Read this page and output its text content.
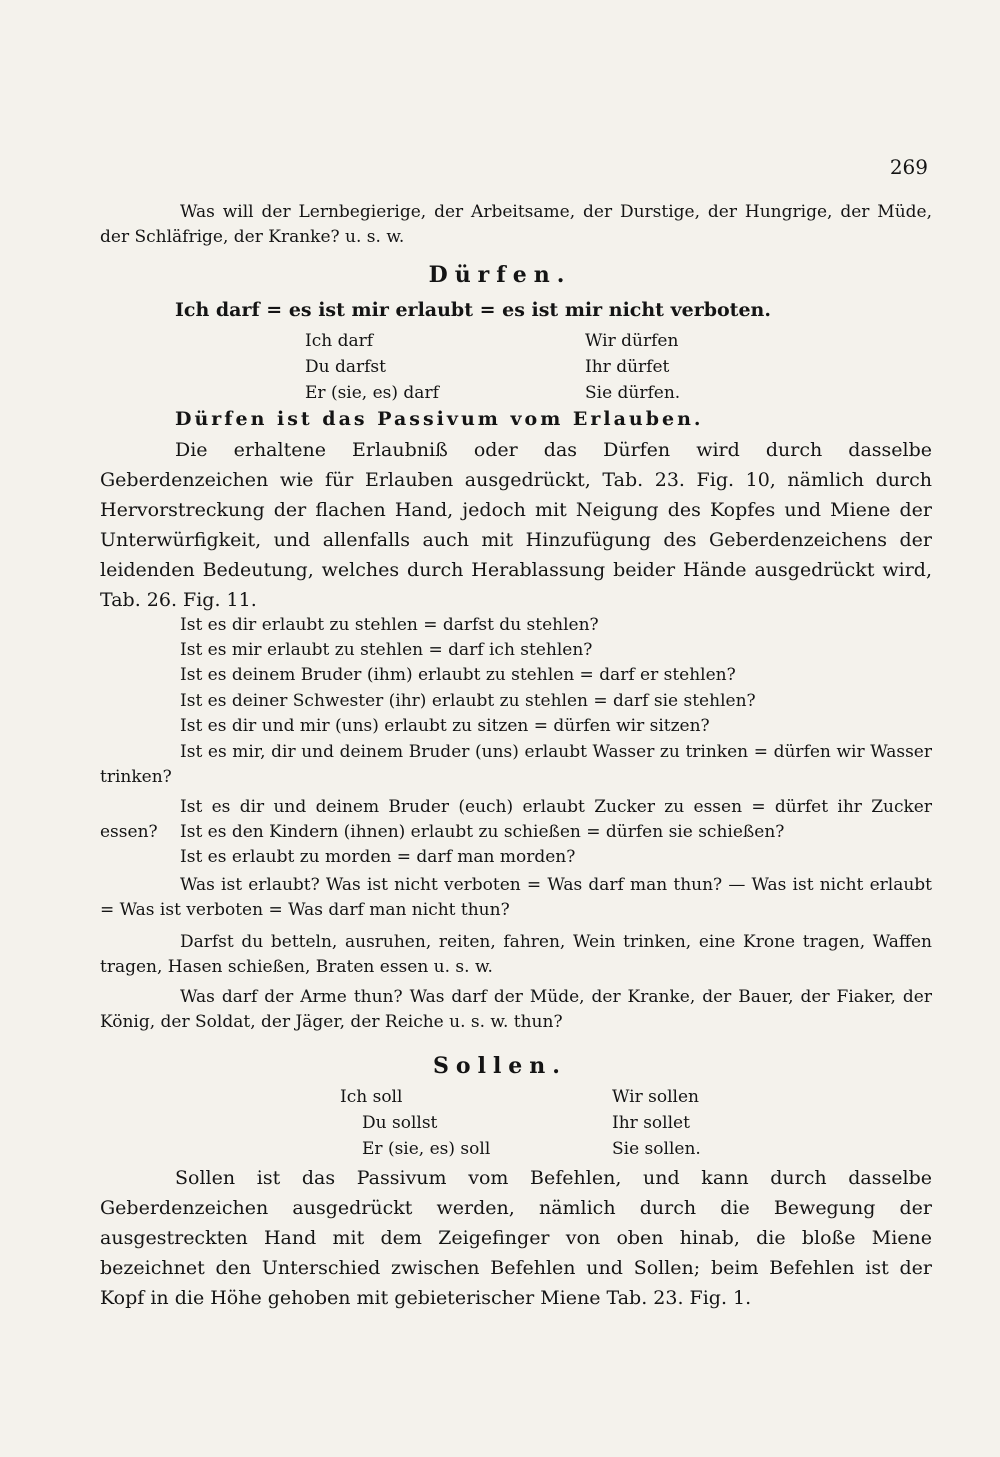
269
Was will der Lernbegierige, der Arbeitsame, der Durstige, der Hungrige, der Müde, der Schläfrige, der Kranke? u. s. w.
Dürfen.
Ich darf = es ist mir erlaubt = es ist mir nicht verboten.
Ich darf
Du darfst
Er (sie, es) darf
Wir dürfen
Ihr dürfet
Sie dürfen.
Dürfen ist das Passivum vom Erlauben.
Die erhaltene Erlaubniß oder das Dürfen wird durch dasselbe Geberdenzeichen wie für Erlauben ausgedrückt, Tab. 23. Fig. 10, nämlich durch Hervorstreckung der flachen Hand, jedoch mit Neigung des Kopfes und Miene der Unterwürfigkeit, und allenfalls auch mit Hinzufügung des Geberdenzeichens der leidenden Bedeutung, welches durch Herablassung beider Hände ausgedrückt wird, Tab. 26. Fig. 11.
Ist es dir erlaubt zu stehlen = darfst du stehlen?
Ist es mir erlaubt zu stehlen = darf ich stehlen?
Ist es deinem Bruder (ihm) erlaubt zu stehlen = darf er stehlen?
Ist es deiner Schwester (ihr) erlaubt zu stehlen = darf sie stehlen?
Ist es dir und mir (uns) erlaubt zu sitzen = dürfen wir sitzen?
Ist es mir, dir und deinem Bruder (uns) erlaubt Wasser zu trinken = dürfen wir Wasser trinken?
Ist es dir und deinem Bruder (euch) erlaubt Zucker zu essen = dürfet ihr Zucker essen?	Ist es den Kindern (ihnen) erlaubt zu schießen = dürfen sie schießen?
Ist es erlaubt zu morden = darf man morden?
Was ist erlaubt? Was ist nicht verboten = Was darf man thun? — Was ist nicht erlaubt = Was ist verboten = Was darf man nicht thun?
Darfst du betteln, ausruhen, reiten, fahren, Wein trinken, eine Krone tragen, Waffen tragen, Hasen schießen, Braten essen u. s. w.
Was darf der Arme thun? Was darf der Müde, der Kranke, der Bauer, der Fiaker, der König, der Soldat, der Jäger, der Reiche u. s. w. thun?
Sollen.
Ich soll
Du sollst
Er (sie, es) soll
Wir sollen
Ihr sollet
Sie sollen.
Sollen ist das Passivum vom Befehlen, und kann durch dasselbe Geberdenzeichen ausgedrückt werden, nämlich durch die Bewegung der ausgestreckten Hand mit dem Zeigefinger von oben hinab, die bloße Miene bezeichnet den Unterschied zwischen Befehlen und Sollen; beim Befehlen ist der Kopf in die Höhe gehoben mit gebieterischer Miene Tab. 23. Fig. 1.
